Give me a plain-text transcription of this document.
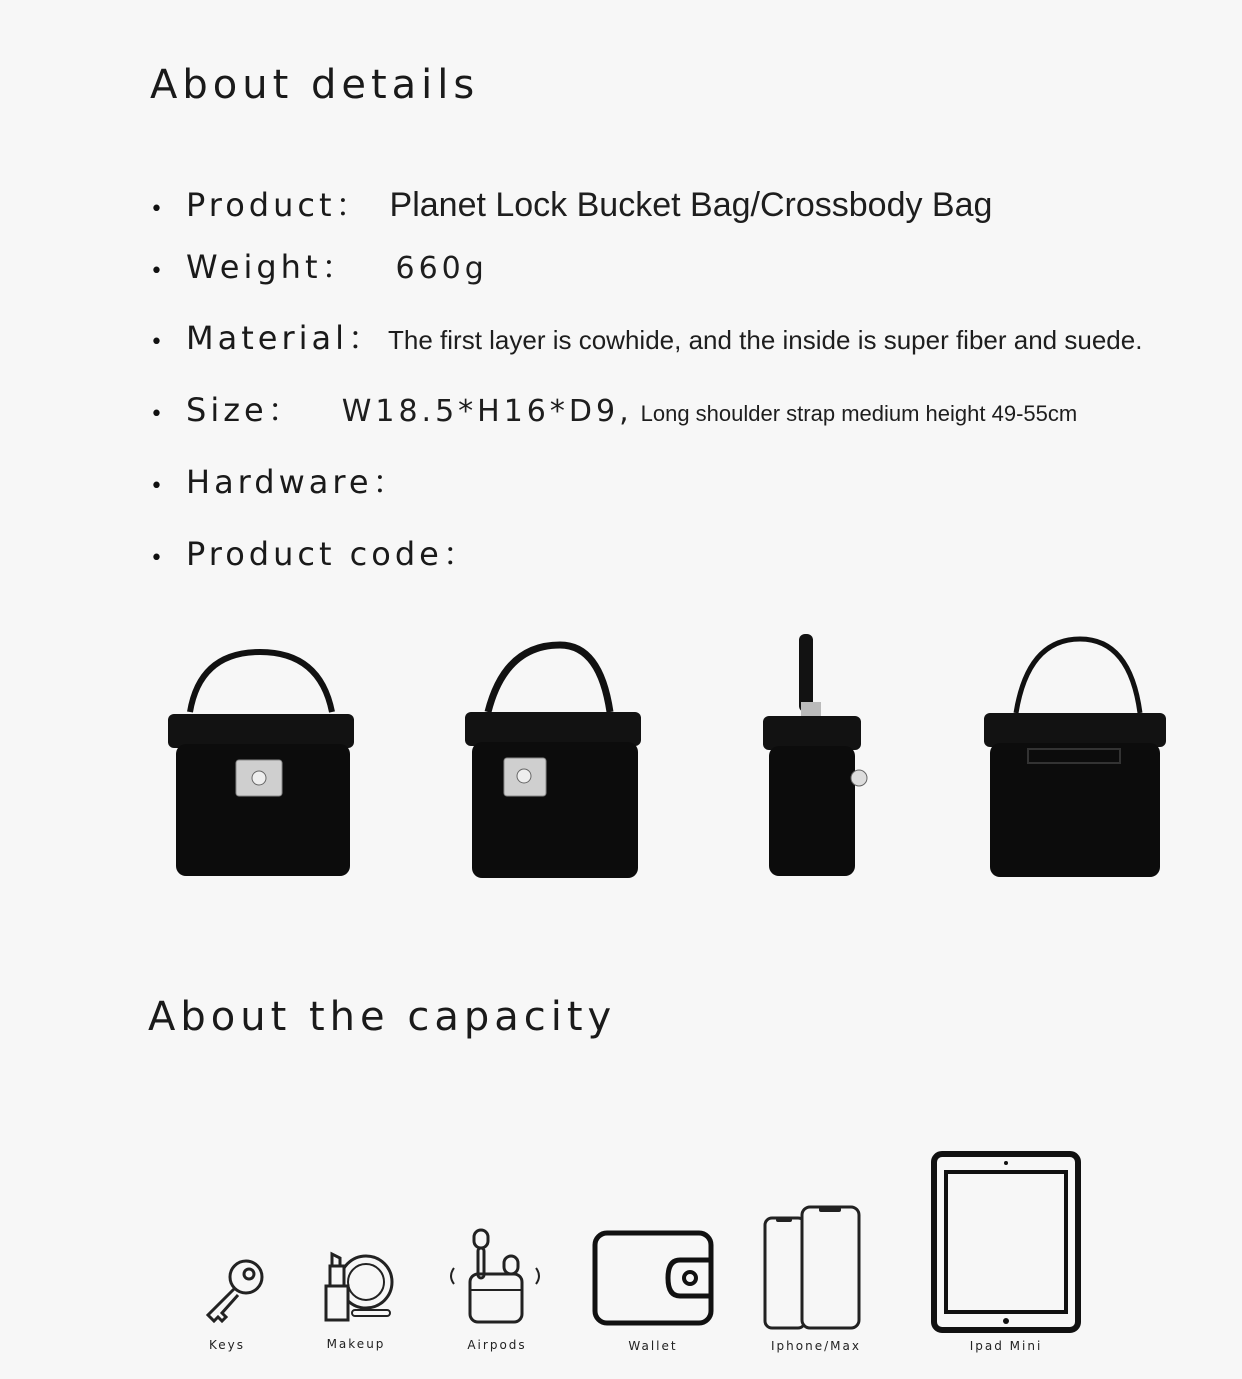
About details
• Product： Planet Lock Bucket Bag/Crossbody Bag
• Weight： 660g
• Material： The first layer is cowhide, and the inside is super fiber and suede.
• Size： W18.5*H16*D9, Long shoulder strap medium height 49-55cm
• Hardware：
• Product code：
About the capacity
Keys	Makeup	Airpods	Wallet	Iphone/Max	Ipad Mini
